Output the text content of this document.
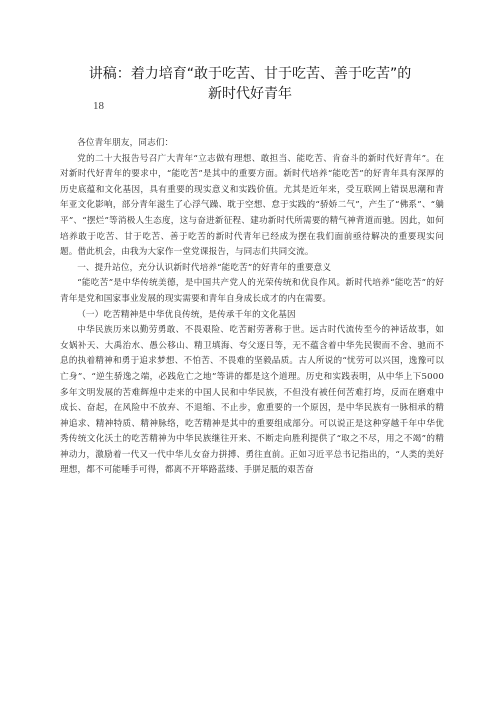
讲稿：着力培育“敢于吃苦、甘于吃苦、善于吃苦”的
新时代好青年
18

各位青年朋友，同志们：

党的二十大报告号召广大青年“立志做有理想、敢担当、能吃苦、肯奋斗的新时代好青年”。在对新时代好青年的要求中，“能吃苦”是其中的重要方面。新时代培养“能吃苦”的好青年具有深厚的历史底蕴和文化基因，具有重要的现实意义和实践价值。尤其是近年来，受互联网上错误思潮和青年亚文化影响，部分青年滋生了心浮气躁、耽于空想、怠于实践的“骄娇二气”，产生了“佛系”、“躺平”、“摆烂”等消极人生态度，这与奋进新征程、建功新时代所需要的精气神背道而驰。因此，如何培养敢于吃苦、甘于吃苦、善于吃苦的新时代青年已经成为摆在我们面前亟待解决的重要现实问题。借此机会，由我为大家作一堂党课报告，与同志们共同交流。

一、提升站位，充分认识新时代培养“能吃苦”的好青年的重要意义

“能吃苦”是中华传统美德，是中国共产党人的光荣传统和优良作风。新时代培养“能吃苦”的好青年是党和国家事业发展的现实需要和青年自身成长成才的内在需要。

（一）吃苦精神是中华优良传统，是传承千年的文化基因

中华民族历来以勤劳勇敢、不畏艰险、吃苦耐劳著称于世。远古时代流传至今的神话故事，如女娲补天、大禹治水、愚公移山、精卫填海、夸父逐日等，无不蕴含着中华先民锲而不舍、驰而不息的执着精神和勇于追求梦想、不怕苦、不畏难的坚毅品质。古人所说的“忧劳可以兴国，逸豫可以亡身”、“逆生骄逸之端，必践危亡之地”等讲的都是这个道理。历史和实践表明，从中华上下5000多年文明发展的苦难辉煌中走来的中国人民和中华民族，不但没有被任何苦难打垮，反而在磨难中成长、奋起，在风险中不放弃、不退缩、不止步，愈重要的一个原因，是中华民族有一脉相承的精神追求、精神特质、精神脉络，吃苦精神是其中的重要组成部分。可以说正是这种穿越千年中华优秀传统文化沃土的吃苦精神为中华民族继往开来、不断走向胜利提供了“取之不尽，用之不竭”的精神动力，激励着一代又一代中华儿女奋力拼搏、勇往直前。正如习近平总书记指出的，“人类的美好理想，都不可能唾手可得，都离不开筚路蓝缕、手胼足胝的艰苦奋
